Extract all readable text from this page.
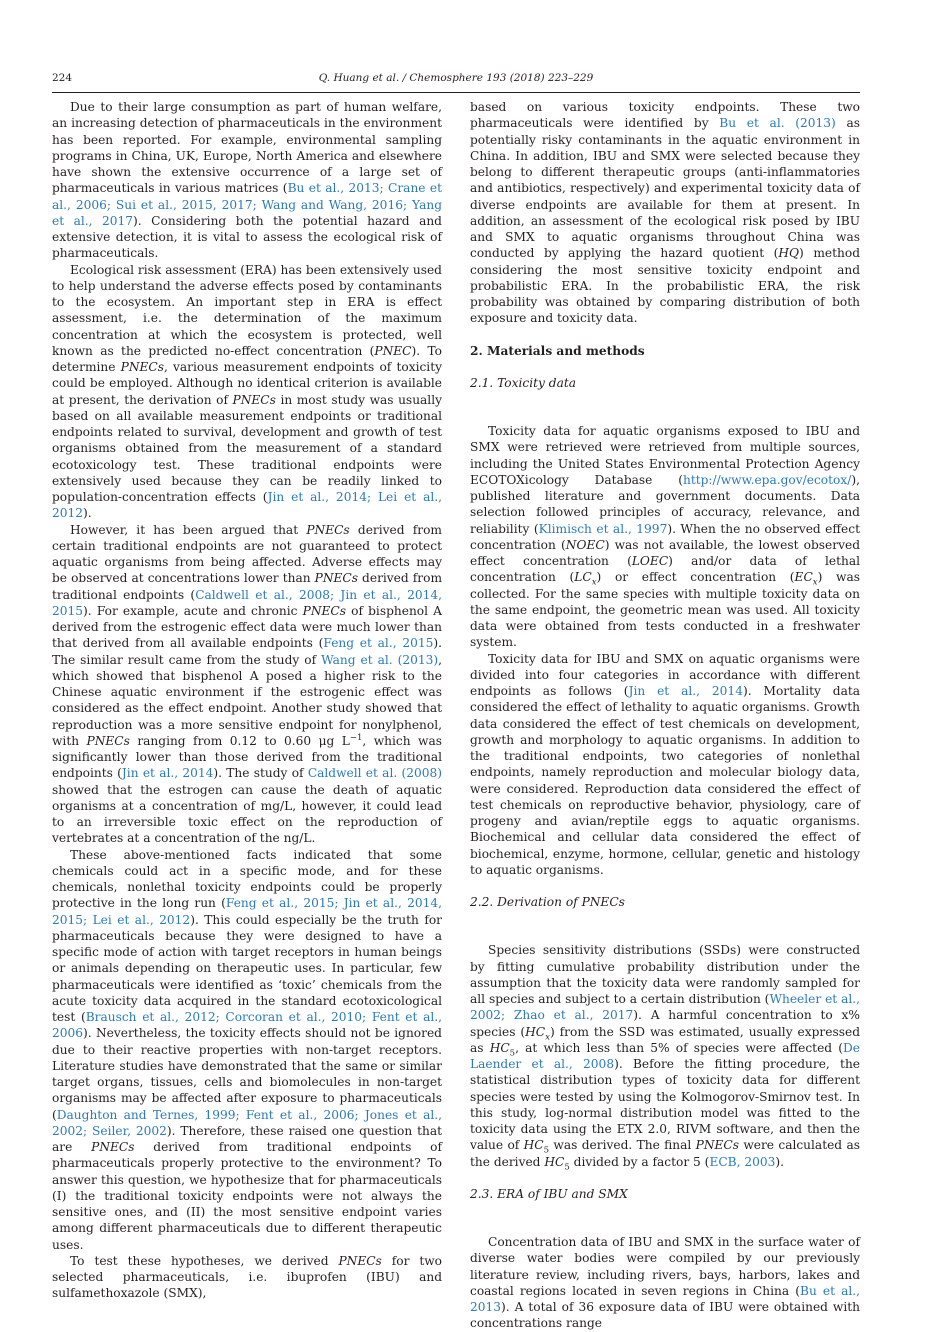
224	Q. Huang et al. / Chemosphere 193 (2018) 223–229

Due to their large consumption as part of human welfare, an increasing detection of pharmaceuticals in the environment has been reported. For example, environmental sampling programs in China, UK, Europe, North America and elsewhere have shown the extensive occurrence of a large set of pharmaceuticals in various matrices (Bu et al., 2013; Crane et al., 2006; Sui et al., 2015, 2017; Wang and Wang, 2016; Yang et al., 2017). Considering both the potential hazard and extensive detection, it is vital to assess the ecological risk of pharmaceuticals.

Ecological risk assessment (ERA) has been extensively used to help understand the adverse effects posed by contaminants to the ecosystem. An important step in ERA is effect assessment, i.e. the determination of the maximum concentration at which the ecosystem is protected, well known as the predicted no-effect concentration (PNEC). To determine PNECs, various measurement endpoints of toxicity could be employed. Although no identical criterion is available at present, the derivation of PNECs in most study was usually based on all available measurement endpoints or traditional endpoints related to survival, development and growth of test organisms obtained from the measurement of a standard ecotoxicology test. These traditional endpoints were extensively used because they can be readily linked to population-concentration effects (Jin et al., 2014; Lei et al., 2012).

However, it has been argued that PNECs derived from certain traditional endpoints are not guaranteed to protect aquatic organisms from being affected. Adverse effects may be observed at concentrations lower than PNECs derived from traditional endpoints (Caldwell et al., 2008; Jin et al., 2014, 2015). For example, acute and chronic PNECs of bisphenol A derived from the estrogenic effect data were much lower than that derived from all available endpoints (Feng et al., 2015). The similar result came from the study of Wang et al. (2013), which showed that bisphenol A posed a higher risk to the Chinese aquatic environment if the estrogenic effect was considered as the effect endpoint. Another study showed that reproduction was a more sensitive endpoint for nonylphenol, with PNECs ranging from 0.12 to 0.60 μg $L^{-1}$, which was significantly lower than those derived from the traditional endpoints (Jin et al., 2014). The study of Caldwell et al. (2008) showed that the estrogen can cause the death of aquatic organisms at a concentration of mg/L, however, it could lead to an irreversible toxic effect on the reproduction of vertebrates at a concentration of the ng/L.

These above-mentioned facts indicated that some chemicals could act in a specific mode, and for these chemicals, nonlethal toxicity endpoints could be properly protective in the long run (Feng et al., 2015; Jin et al., 2014, 2015; Lei et al., 2012). This could especially be the truth for pharmaceuticals because they were designed to have a specific mode of action with target receptors in human beings or animals depending on therapeutic uses. In particular, few pharmaceuticals were identified as ‘toxic’ chemicals from the acute toxicity data acquired in the standard ecotoxicological test (Brausch et al., 2012; Corcoran et al., 2010; Fent et al., 2006). Nevertheless, the toxicity effects should not be ignored due to their reactive properties with non-target receptors. Literature studies have demonstrated that the same or similar target organs, tissues, cells and biomolecules in non-target organisms may be affected after exposure to pharmaceuticals (Daughton and Ternes, 1999; Fent et al., 2006; Jones et al., 2002; Seiler, 2002). Therefore, these raised one question that are PNECs derived from traditional endpoints of pharmaceuticals properly protective to the environment? To answer this question, we hypothesize that for pharmaceuticals (I) the traditional toxicity endpoints were not always the sensitive ones, and (II) the most sensitive endpoint varies among different pharmaceuticals due to different therapeutic uses.

To test these hypotheses, we derived PNECs for two selected pharmaceuticals, i.e. ibuprofen (IBU) and sulfamethoxazole (SMX),

based on various toxicity endpoints. These two pharmaceuticals were identified by Bu et al. (2013) as potentially risky contaminants in the aquatic environment in China. In addition, IBU and SMX were selected because they belong to different therapeutic groups (anti-inflammatories and antibiotics, respectively) and experimental toxicity data of diverse endpoints are available for them at present. In addition, an assessment of the ecological risk posed by IBU and SMX to aquatic organisms throughout China was conducted by applying the hazard quotient (HQ) method considering the most sensitive toxicity endpoint and probabilistic ERA. In the probabilistic ERA, the risk probability was obtained by comparing distribution of both exposure and toxicity data.

2. Materials and methods
2.1. Toxicity data

Toxicity data for aquatic organisms exposed to IBU and SMX were retrieved were retrieved from multiple sources, including the United States Environmental Protection Agency ECOTOXicology Database (http://www.epa.gov/ecotox/), published literature and government documents. Data selection followed principles of accuracy, relevance, and reliability (Klimisch et al., 1997). When the no observed effect concentration (NOEC) was not available, the lowest observed effect concentration (LOEC) and/or data of lethal concentration $(LC_x)$ or effect concentration $(EC_x)$ was collected. For the same species with multiple toxicity data on the same endpoint, the geometric mean was used. All toxicity data were obtained from tests conducted in a freshwater system.

Toxicity data for IBU and SMX on aquatic organisms were divided into four categories in accordance with different endpoints as follows (Jin et al., 2014). Mortality data considered the effect of lethality to aquatic organisms. Growth data considered the effect of test chemicals on development, growth and morphology to aquatic organisms. In addition to the traditional endpoints, two categories of nonlethal endpoints, namely reproduction and molecular biology data, were considered. Reproduction data considered the effect of test chemicals on reproductive behavior, physiology, care of progeny and avian/reptile eggs to aquatic organisms. Biochemical and cellular data considered the effect of biochemical, enzyme, hormone, cellular, genetic and histology to aquatic organisms.

2.2. Derivation of PNECs

Species sensitivity distributions (SSDs) were constructed by fitting cumulative probability distribution under the assumption that the toxicity data were randomly sampled for all species and subject to a certain distribution (Wheeler et al., 2002; Zhao et al., 2017). A harmful concentration to x% species $(HC_x)$ from the SSD was estimated, usually expressed as $HC_5$, at which less than 5% of species were affected (De Laender et al., 2008). Before the fitting procedure, the statistical distribution types of toxicity data for different species were tested by using the Kolmogorov-Smirnov test. In this study, log-normal distribution model was fitted to the toxicity data using the ETX 2.0, RIVM software, and then the value of $HC_5$ was derived. The final PNECs were calculated as the derived $HC_5$ divided by a factor 5 (ECB, 2003).

2.3. ERA of IBU and SMX

Concentration data of IBU and SMX in the surface water of diverse water bodies were compiled by our previously literature review, including rivers, bays, harbors, lakes and coastal regions located in seven regions in China (Bu et al., 2013). A total of 36 exposure data of IBU were obtained with concentrations range
